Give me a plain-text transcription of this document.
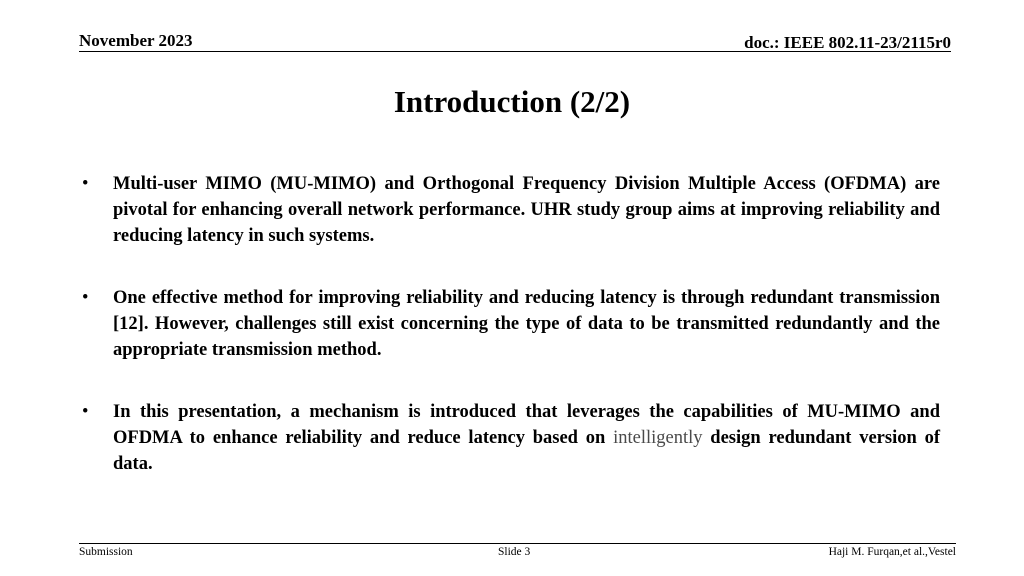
November 2023	doc.: IEEE 802.11-23/2115r0
Introduction (2/2)
• Multi-user MIMO (MU-MIMO) and Orthogonal Frequency Division Multiple Access (OFDMA) are pivotal for enhancing overall network performance. UHR study group aims at improving reliability and reducing latency in such systems.
• One effective method for improving reliability and reducing latency is through redundant transmission [12]. However, challenges still exist concerning the type of data to be transmitted redundantly and the appropriate transmission method.
• In this presentation, a mechanism is introduced that leverages the capabilities of MU-MIMO and OFDMA to enhance reliability and reduce latency based on intelligently design redundant version of data.
Submission	Slide 3	Haji M. Furqan,et al.,Vestel
